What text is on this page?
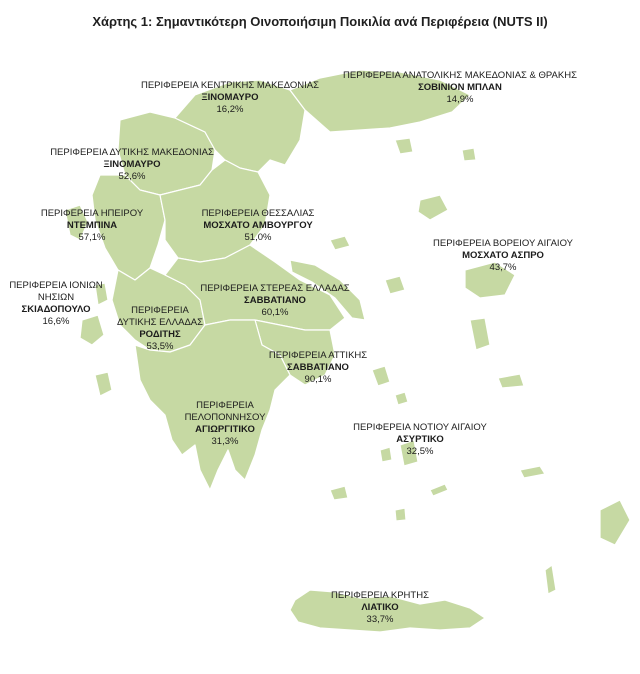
Χάρτης 1: Σημαντικότερη Οινοποιήσιμη Ποικιλία ανά Περιφέρεια (NUTS II)
ΠΕΡΙΦΕΡΕΙΑ ΚΕΝΤΡΙΚΗΣ ΜΑΚΕΔΟΝΙΑΣ
ΞΙΝΟΜΑΥΡΟ
16,2%
ΠΕΡΙΦΕΡΕΙΑ ΑΝΑΤΟΛΙΚΗΣ ΜΑΚΕΔΟΝΙΑΣ & ΘΡΑΚΗΣ
ΣΟΒΙΝΙΟΝ ΜΠΛΑΝ
14,9%
ΠΕΡΙΦΕΡΕΙΑ ΔΥΤΙΚΗΣ ΜΑΚΕΔΟΝΙΑΣ
ΞΙΝΟΜΑΥΡΟ
52,6%
ΠΕΡΙΦΕΡΕΙΑ ΗΠΕΙΡΟΥ
ΝΤΕΜΠΙΝΑ
57,1%
ΠΕΡΙΦΕΡΕΙΑ ΘΕΣΣΑΛΙΑΣ
ΜΟΣΧΑΤΟ ΑΜΒΟΥΡΓΟΥ
51,0%
ΠΕΡΙΦΕΡΕΙΑ ΒΟΡΕΙΟΥ ΑΙΓΑΙΟΥ
ΜΟΣΧΑΤΟ ΑΣΠΡΟ
43,7%
ΠΕΡΙΦΕΡΕΙΑ ΙΟΝΙΩΝ
ΝΗΣΙΩΝ
ΣΚΙΑΔΟΠΟΥΛΟ
16,6%
ΠΕΡΙΦΕΡΕΙΑ
ΔΥΤΙΚΗΣ ΕΛΛΑΔΑΣ
ΡΟΔΙΤΗΣ
53,5%
ΠΕΡΙΦΕΡΕΙΑ ΣΤΕΡΕΑΣ ΕΛΛΑΔΑΣ
ΣΑΒΒΑΤΙΑΝΟ
60,1%
ΠΕΡΙΦΕΡΕΙΑ ΑΤΤΙΚΗΣ
ΣΑΒΒΑΤΙΑΝΟ
90,1%
ΠΕΡΙΦΕΡΕΙΑ
ΠΕΛΟΠΟΝΝΗΣΟΥ
ΑΓΙΩΡΓΙΤΙΚΟ
31,3%
ΠΕΡΙΦΕΡΕΙΑ ΝΟΤΙΟΥ ΑΙΓΑΙΟΥ
ΑΣΥΡΤΙΚΟ
32,5%
ΠΕΡΙΦΕΡΕΙΑ ΚΡΗΤΗΣ
ΛΙΑΤΙΚΟ
33,7%
